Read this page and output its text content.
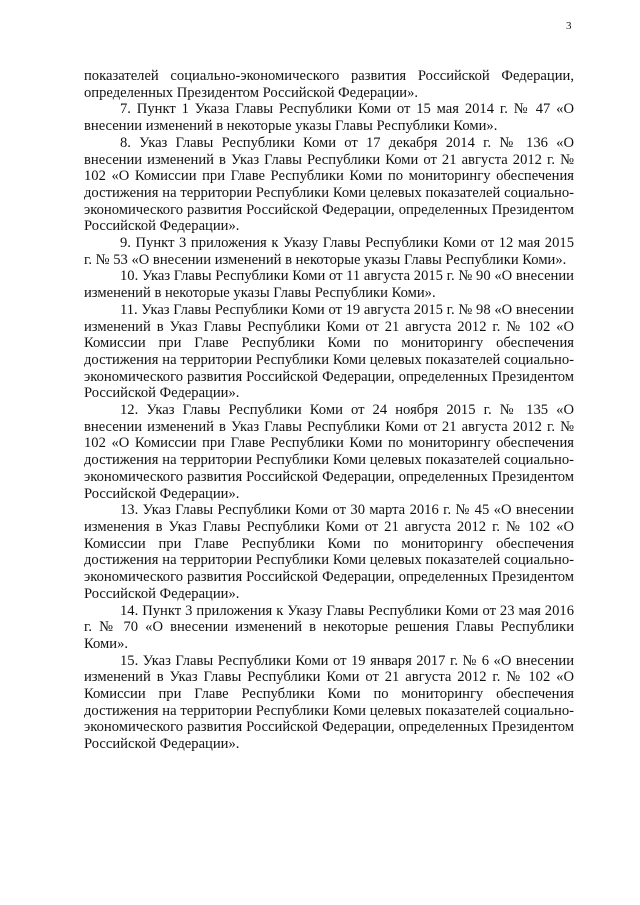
3

показателей социально-экономического развития Российской Федерации, определенных Президентом Российской Федерации».

7. Пункт 1 Указа Главы Республики Коми от 15 мая 2014 г. № 47 «О внесении изменений в некоторые указы Главы Республики Коми».

8. Указ Главы Республики Коми от 17 декабря 2014 г. № 136 «О внесении изменений в Указ Главы Республики Коми от 21 августа 2012 г. № 102 «О Комиссии при Главе Республики Коми по мониторингу обеспечения достижения на территории Республики Коми целевых показателей социально-экономического развития Российской Федерации, определенных Президентом Российской Федерации».

9. Пункт 3 приложения к Указу Главы Республики Коми от 12 мая 2015 г. № 53 «О внесении изменений в некоторые указы Главы Республики Коми».

10. Указ Главы Республики Коми от 11 августа 2015 г. № 90 «О внесении изменений в некоторые указы Главы Республики Коми».

11. Указ Главы Республики Коми от 19 августа 2015 г. № 98 «О внесении изменений в Указ Главы Республики Коми от 21 августа 2012 г. № 102 «О Комиссии при Главе Республики Коми по мониторингу обеспечения достижения на территории Республики Коми целевых показателей социально-экономического развития Российской Федерации, определенных Президентом Российской Федерации».

12. Указ Главы Республики Коми от 24 ноября 2015 г. № 135 «О внесении изменений в Указ Главы Республики Коми от 21 августа 2012 г. № 102 «О Комиссии при Главе Республики Коми по мониторингу обеспечения достижения на территории Республики Коми целевых показателей социально-экономического развития Российской Федерации, определенных Президентом Российской Федерации».

13. Указ Главы Республики Коми от 30 марта 2016 г. № 45 «О внесении изменения в Указ Главы Республики Коми от 21 августа 2012 г. № 102 «О Комиссии при Главе Республики Коми по мониторингу обеспечения достижения на территории Республики Коми целевых показателей социально-экономического развития Российской Федерации, определенных Президентом Российской Федерации».

14. Пункт 3 приложения к Указу Главы Республики Коми от 23 мая 2016 г. № 70 «О внесении изменений в некоторые решения Главы Республики Коми».

15. Указ Главы Республики Коми от 19 января 2017 г. № 6 «О внесении изменений в Указ Главы Республики Коми от 21 августа 2012 г. № 102 «О Комиссии при Главе Республики Коми по мониторингу обеспечения достижения на территории Республики Коми целевых показателей социально-экономического развития Российской Федерации, определенных Президентом Российской Федерации».
